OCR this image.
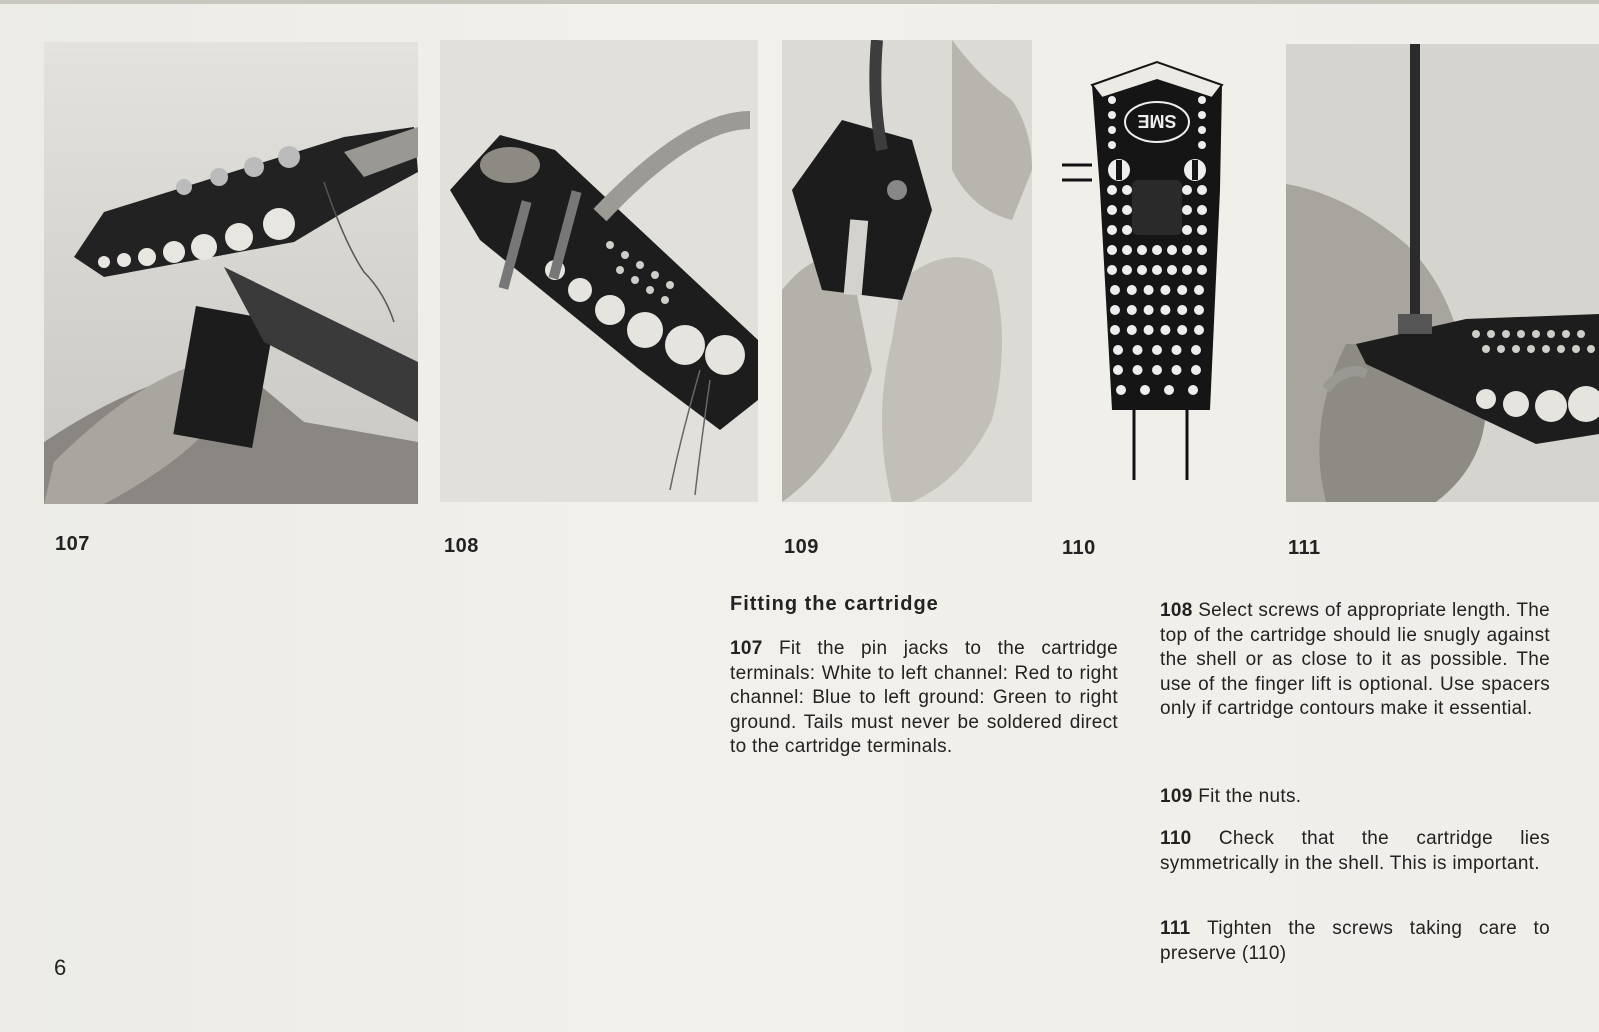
SME
107	108	109	110	111
Fitting the cartridge

107 Fit the pin jacks to the cartridge terminals: White to left channel: Red to right channel: Blue to left ground: Green to right ground. Tails must never be soldered direct to the cartridge terminals.

108 Select screws of appropriate length. The top of the cartridge should lie snugly against the shell or as close to it as possible. The use of the finger lift is optional. Use spacers only if cartridge contours make it essential.

109 Fit the nuts.

110 Check that the cartridge lies symmetrically in the shell. This is important.

111 Tighten the screws taking care to preserve (110)

6
